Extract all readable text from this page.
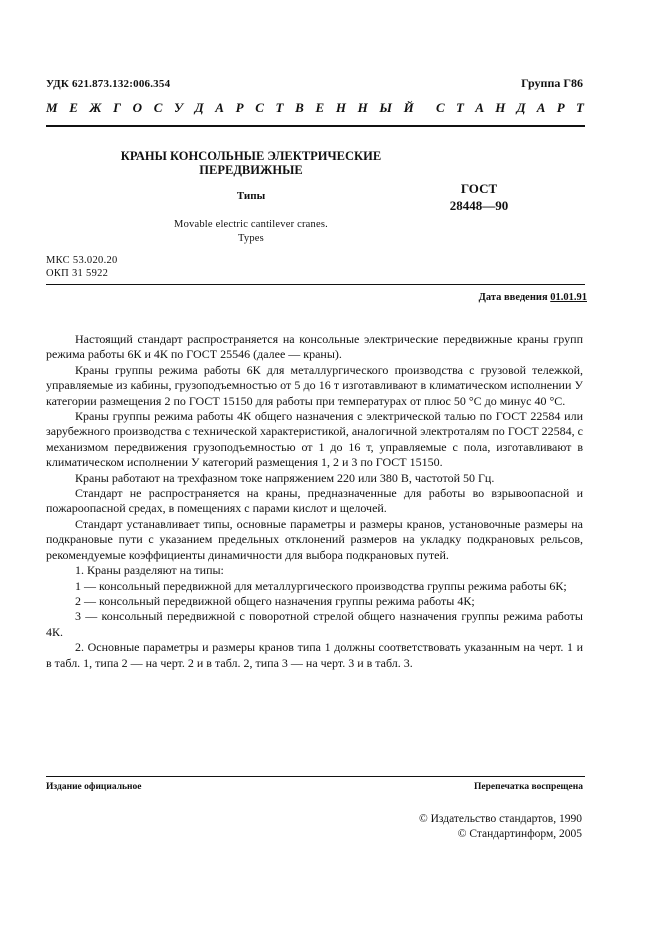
УДК 621.873.132:006.354	Группа Г86
М Е Ж Г О С У Д А Р С Т В Е Н Н Ы Й С Т А Н Д А Р Т
КРАНЫ КОНСОЛЬНЫЕ ЭЛЕКТРИЧЕСКИЕ
ПЕРЕДВИЖНЫЕ
Типы	ГОСТ
28448—90
Movable electric cantilever cranes.
Types
МКС 53.020.20
ОКП 31 5922
Дата введения 01.01.91

Настоящий стандарт распространяется на консольные электрические передвижные краны групп режима работы 6К и 4К по ГОСТ 25546 (далее — краны).

Краны группы режима работы 6К для металлургического производства с грузовой тележкой, управляемые из кабины, грузоподъемностью от 5 до 16 т изготавливают в климатическом исполнении У категории размещения 2 по ГОСТ 15150 для работы при температурах от плюс 50 °С до минус 40 °С.

Краны группы режима работы 4К общего назначения с электрической талью по ГОСТ 22584 или зарубежного производства с технической характеристикой, аналогичной электроталям по ГОСТ 22584, с механизмом передвижения грузоподъемностью от 1 до 16 т, управляемые с пола, изготавливают в климатическом исполнении У категорий размещения 1, 2 и 3 по ГОСТ 15150.

Краны работают на трехфазном токе напряжением 220 или 380 В, частотой 50 Гц.

Стандарт не распространяется на краны, предназначенные для работы во взрывоопасной и пожароопасной средах, в помещениях с парами кислот и щелочей.

Стандарт устанавливает типы, основные параметры и размеры кранов, установочные размеры на подкрановые пути с указанием предельных отклонений размеров на укладку подкрановых рельсов, рекомендуемые коэффициенты динамичности для выбора подкрановых путей.

1. Краны разделяют на типы:

1 — консольный передвижной для металлургического производства группы режима работы 6К;

2 — консольный передвижной общего назначения группы режима работы 4К;

3 — консольный передвижной с поворотной стрелой общего назначения группы режима работы 4К.

2. Основные параметры и размеры кранов типа 1 должны соответствовать указанным на черт. 1 и в табл. 1, типа 2 — на черт. 2 и в табл. 2, типа 3 — на черт. 3 и в табл. 3.

Издание официальное	Перепечатка воспрещена
© Издательство стандартов, 1990
© Стандартинформ, 2005
